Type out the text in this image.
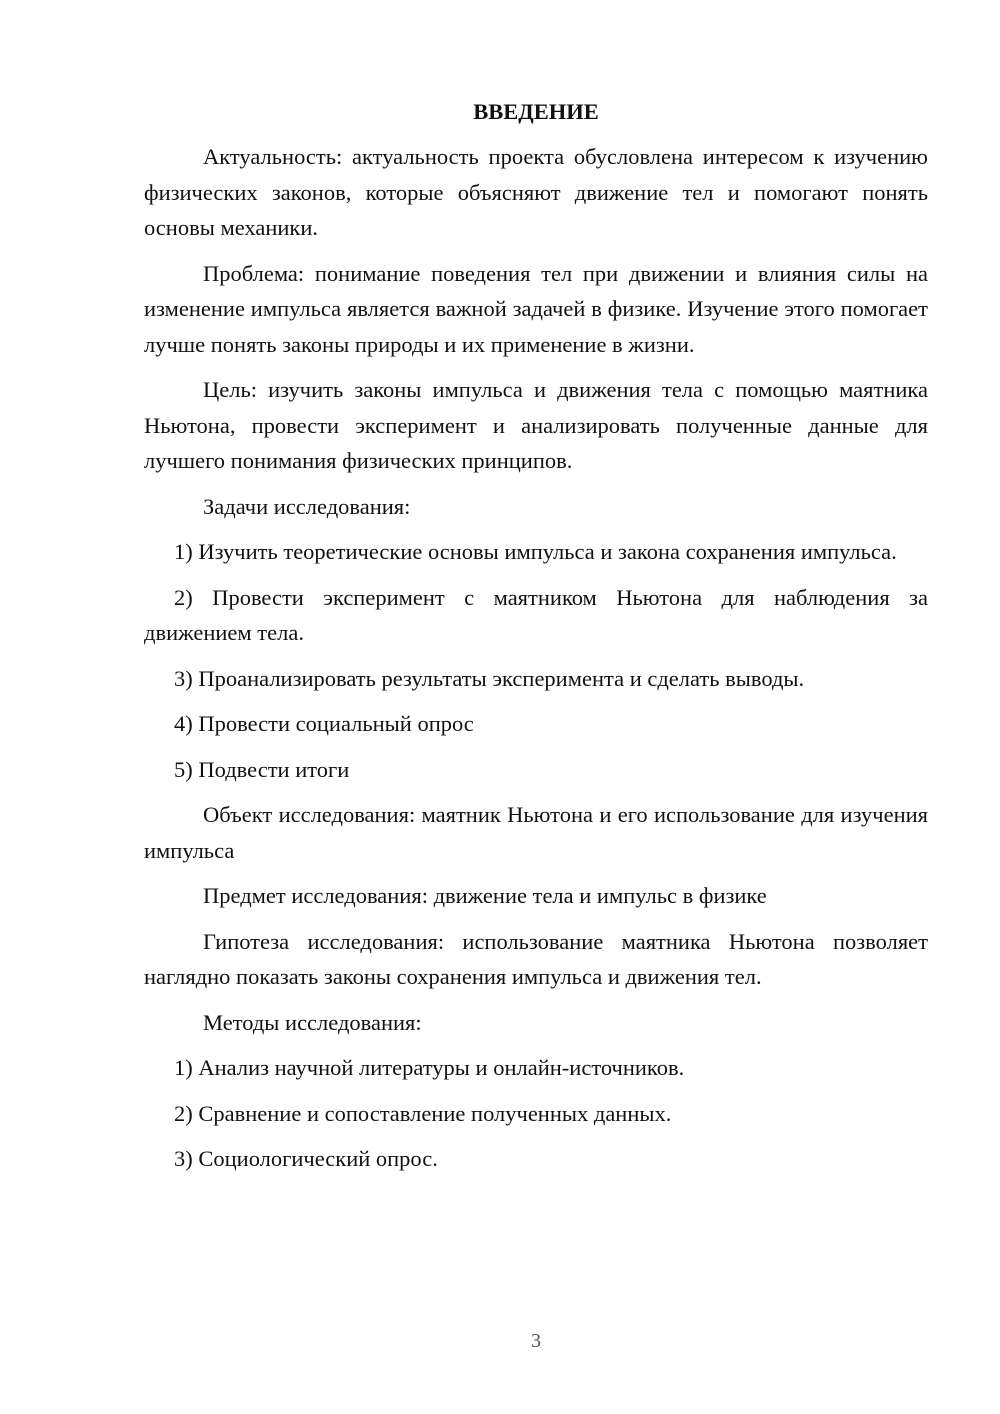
ВВЕДЕНИЕ

Актуальность: актуальность проекта обусловлена интересом к изучению физических законов, которые объясняют движение тел и помогают понять основы механики.

Проблема: понимание поведения тел при движении и влияния силы на изменение импульса является важной задачей в физике. Изучение этого помогает лучше понять законы природы и их применение в жизни.

Цель: изучить законы импульса и движения тела с помощью маятника Ньютона, провести эксперимент и анализировать полученные данные для лучшего понимания физических принципов.

Задачи исследования:

1) Изучить теоретические основы импульса и закона сохранения импульса.

2) Провести эксперимент с маятником Ньютона для наблюдения за движением тела.

3) Проанализировать результаты эксперимента и сделать выводы.

4) Провести социальный опрос

5) Подвести итоги

Объект исследования: маятник Ньютона и его использование для изучения импульса

Предмет исследования: движение тела и импульс в физике

Гипотеза исследования: использование маятника Ньютона позволяет наглядно показать законы сохранения импульса и движения тел.

Методы исследования:

1) Анализ научной литературы и онлайн-источников.

2) Сравнение и сопоставление полученных данных.

3) Социологический опрос.

3
